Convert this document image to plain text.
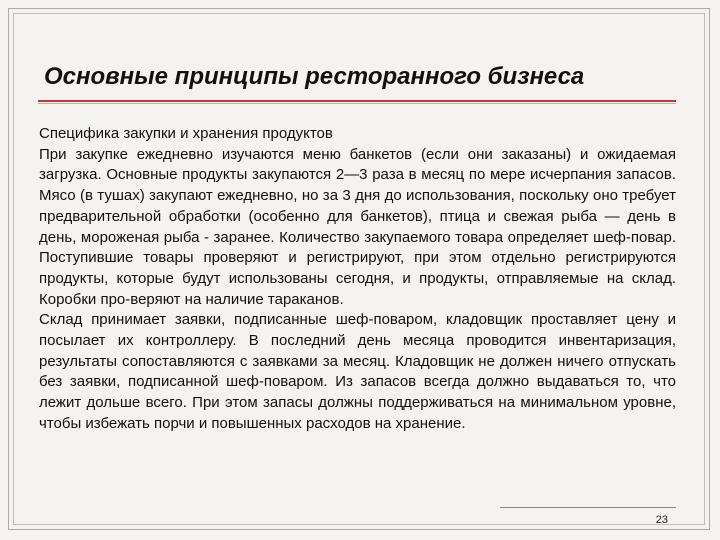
Основные принципы ресторанного бизнеса

Специфика закупки и хранения продуктов

При закупке ежедневно изучаются меню банкетов (если они заказаны) и ожидаемая загрузка. Основные продукты закупаются 2—3 раза в месяц по мере исчерпания запасов. Мясо (в тушах) закупают ежедневно, но за 3 дня до использования, поскольку оно требует предварительной обработки (особенно для банкетов), птица и свежая рыба — день в день, мороженая рыба - заранее. Количество закупаемого товара определяет шеф-повар. Поступившие товары проверяют и регистрируют, при этом отдельно регистрируются продукты, которые будут использованы сегодня, и продукты, отправляемые на склад. Коробки про-веряют на наличие тараканов.

Склад принимает заявки, подписанные шеф-поваром, кладовщик проставляет цену и посылает их контроллеру. В последний день месяца проводится инвентаризация, результаты сопоставляются с заявками за месяц. Кладовщик не должен ничего отпускать без заявки, подписанной шеф-поваром. Из запасов всегда должно выдаваться то, что лежит дольше всего. При этом запасы должны поддерживаться на минимальном уровне, чтобы избежать порчи и повышенных расходов на хранение.

23
